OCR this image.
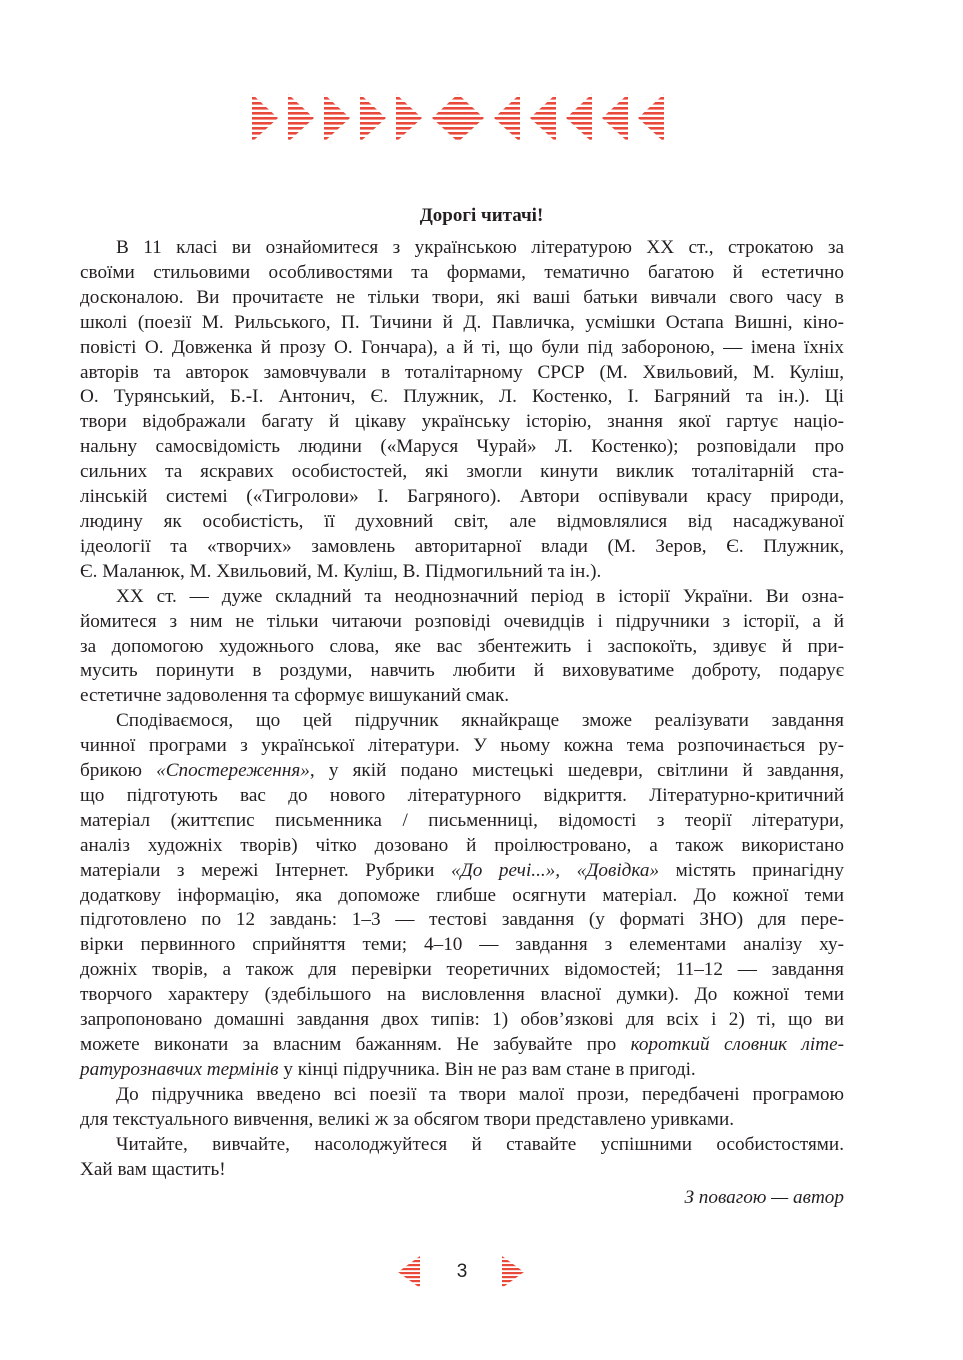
Дорогі читачі!

В 11 класі ви ознайомитеся з українською літературою ХХ ст., строкатою за
своїми стильовими особливостями та формами, тематично багатою й естетично
досконалою. Ви прочитаєте не тільки твори, які ваші батьки вивчали свого часу в
школі (поезії М. Рильського, П. Тичини й Д. Павличка, усмішки Остапа Вишні, кіно-
повісті О. Довженка й прозу О. Гончара), а й ті, що були під забороною, — імена їхніх
авторів та авторок замовчували в тоталітарному СРСР (М. Хвильовий, М. Куліш,
О. Турянський, Б.-І. Антонич, Є. Плужник, Л. Костенко, І. Багряний та ін.). Ці
твори відображали багату й цікаву українську історію, знання якої гартує націо-
нальну самосвідомість людини («Маруся Чурай» Л. Костенко); розповідали про
сильних та яскравих особистостей, які змогли кинути виклик тоталітарній ста-
лінській системі («Тигролови» І. Багряного). Автори оспівували красу природи,
людину як особистість, її духовний світ, але відмовлялися від насаджуваної
ідеології та «творчих» замовлень авторитарної влади (М. Зеров, Є. Плужник,
Є. Маланюк, М. Хвильовий, М. Куліш, В. Підмогильний та ін.).

ХХ ст. — дуже складний та неоднозначний період в історії України. Ви озна-
йомитеся з ним не тільки читаючи розповіді очевидців і підручники з історії, а й
за допомогою художнього слова, яке вас збентежить і заспокоїть, здивує й при-
мусить поринути в роздуми, навчить любити й виховуватиме доброту, подарує
естетичне задоволення та сформує вишуканий смак.

Сподіваємося, що цей підручник якнайкраще зможе реалізувати завдання
чинної програми з української літератури. У ньому кожна тема розпочинається ру-
брикою «Спостереження», у якій подано мистецькі шедеври, світлини й завдання,
що підготують вас до нового літературного відкриття. Літературно-критичний
матеріал (життєпис письменника / письменниці, відомості з теорії літератури,
аналіз художніх творів) чітко дозовано й проілюстровано, а також використано
матеріали з мережі Інтернет. Рубрики «До речі...», «Довідка» містять принагідну
додаткову інформацію, яка допоможе глибше осягнути матеріал. До кожної теми
підготовлено по 12 завдань: 1–3 — тестові завдання (у форматі ЗНО) для пере-
вірки первинного сприйняття теми; 4–10 — завдання з елементами аналізу ху-
дожніх творів, а також для перевірки теоретичних відомостей; 11–12 — завдання
творчого характеру (здебільшого на висловлення власної думки). До кожної теми
запропоновано домашні завдання двох типів: 1) обов’язкові для всіх і 2) ті, що ви
можете виконати за власним бажанням. Не забувайте про короткий словник літе-
ратурознавчих термінів у кінці підручника. Він не раз вам стане в пригоді.

До підручника введено всі поезії та твори малої прози, передбачені програмою
для текстуального вивчення, великі ж за обсягом твори представлено уривками.

Читайте, вивчайте, насолоджуйтеся й ставайте успішними особистостями.
Хай вам щастить!

З повагою — автор

3
